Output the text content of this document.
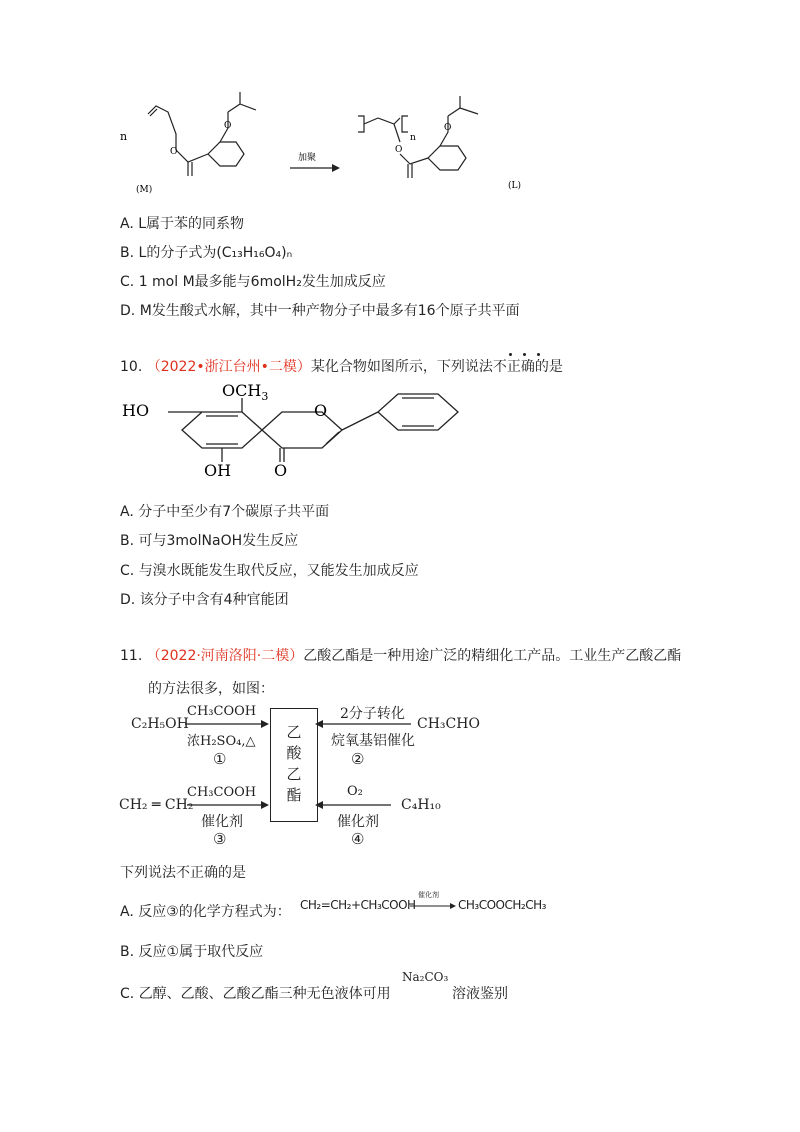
n
O
O
(M)
加聚
n
O
O
(L)
A. L属于苯的同系物
B. L的分子式为(C₁₃H₁₆O₄)ₙ
C. 1 mol M最多能与6molH₂发生加成反应
D. M发生酸式水解，其中一种产物分子中最多有16个原子共平面
10. （2022•浙江台州•二模）某化合物如图所示，下列说法不正确的是
$OCH_3$
HO
OH
O
O
A. 分子中至少有7个碳原子共平面
B. 可与3molNaOH发生反应
C. 与溴水既能发生取代反应，又能发生加成反应
D. 该分子中含有4种官能团
11. （2022·河南洛阳·二模）乙酸乙酯是一种用途广泛的精细化工产品。工业生产乙酸乙酯
的方法很多，如图：
乙
酸
乙
酯
C₂H₅OH
CH₃COOH
浓H₂SO₄,△
①
CH₃CHO
2分子转化
烷氧基铝催化
②
CH₂ ═ CH₂
CH₃COOH
催化剂
③
C₄H₁₀
O₂
催化剂
④
下列说法不正确的是
A. 反应③的化学方程式为： CH₂=CH₂+CH₃COOH
催化剂
CH₃COOCH₂CH₃
B. 反应①属于取代反应
C. 乙醇、乙酸、乙酸乙酯三种无色液体可用
Na₂CO₃
溶液鉴别
